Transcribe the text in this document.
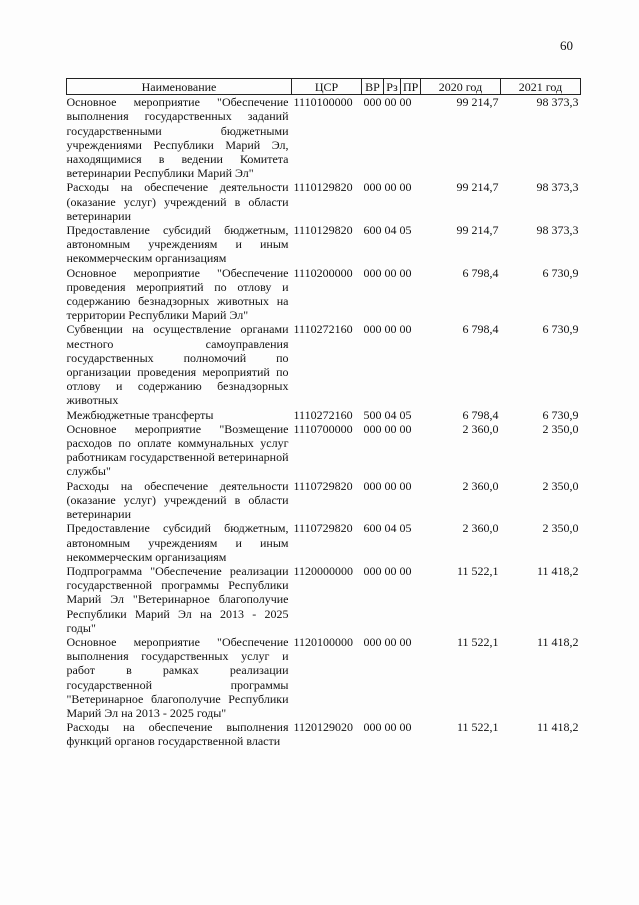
60
Наименование	ЦСР	ВР	Рз	ПР	2020 год	2021 год
Основное мероприятие "Обеспечение выполнения государственных заданий государственными бюджетными учреждениями Республики Марий Эл, находящимися в ведении Комитета ветеринарии Республики Марий Эл"	1110100000	000 00 00			99 214,7	98 373,3
Расходы на обеспечение деятельности (оказание услуг) учреждений в области ветеринарии	1110129820	000 00 00			99 214,7	98 373,3
Предоставление субсидий бюджетным, автономным учреждениям и иным некоммерческим организациям	1110129820	600 04 05			99 214,7	98 373,3
Основное мероприятие "Обеспечение проведения мероприятий по отлову и содержанию безнадзорных животных на территории Республики Марий Эл"	1110200000	000 00 00			6 798,4	6 730,9
Субвенции на осуществление органами местного самоуправления государственных полномочий по организации проведения мероприятий по отлову и содержанию безнадзорных животных	1110272160	000 00 00			6 798,4	6 730,9
Межбюджетные трансферты	1110272160	500 04 05			6 798,4	6 730,9
Основное мероприятие "Возмещение расходов по оплате коммунальных услуг работникам государственной ветеринарной службы"	1110700000	000 00 00			2 360,0	2 350,0
Расходы на обеспечение деятельности (оказание услуг) учреждений в области ветеринарии	1110729820	000 00 00			2 360,0	2 350,0
Предоставление субсидий бюджетным, автономным учреждениям и иным некоммерческим организациям	1110729820	600 04 05			2 360,0	2 350,0
Подпрограмма "Обеспечение реализации государственной программы Республики Марий Эл "Ветеринарное благополучие Республики Марий Эл на 2013 - 2025 годы"	1120000000	000 00 00			11 522,1	11 418,2
Основное мероприятие "Обеспечение выполнения государственных услуг и работ в рамках реализации государственной программы "Ветеринарное благополучие Республики Марий Эл на 2013 - 2025 годы"	1120100000	000 00 00			11 522,1	11 418,2
Расходы на обеспечение выполнения функций органов государственной власти	1120129020	000 00 00			11 522,1	11 418,2
